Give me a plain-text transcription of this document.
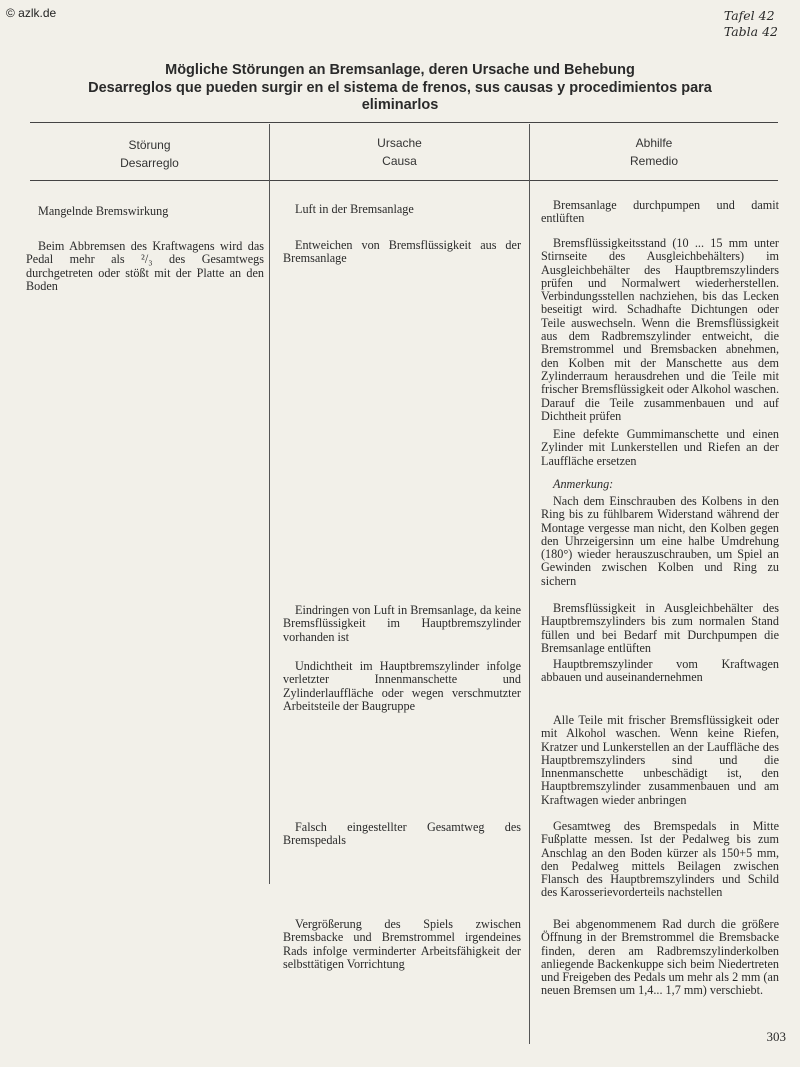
© azlk.de	Tafel 42
Tabla 42
Mögliche Störungen an Bremsanlage, deren Ursache und Behebung
Desarreglos que pueden surgir en el sistema de frenos, sus causas y procedimientos para eliminarlos
Störung
Desarreglo
Ursache
Causa
Abhilfe
Remedio
Mangelnde Bremswirkung
Beim Abbremsen des Kraftwagens wird das Pedal mehr als ²/₃ des Gesamtwegs durchgetreten oder stößt mit der Platte an den Boden
Luft in der Bremsanlage
Entweichen von Bremsflüssigkeit aus der Bremsanlage
Eindringen von Luft in Bremsanlage, da keine Bremsflüssigkeit im Hauptbremszylinder vorhanden ist
Undichtheit im Hauptbremszylinder infolge verletzter Innenmanschette und Zylinderlauffläche oder wegen verschmutzter Arbeitsteile der Baugruppe
Falsch eingestellter Gesamtweg des Bremspedals
Vergrößerung des Spiels zwischen Bremsbacke und Bremstrommel irgendeines Rads infolge verminderter Arbeitsfähigkeit der selbsttätigen Vorrichtung
Bremsanlage durchpumpen und damit entlüften
Bremsflüssigkeitsstand (10 ... 15 mm unter Stirnseite des Ausgleichbehälters) im Ausgleichbehälter des Hauptbremszylinders prüfen und Normalwert wiederherstellen. Verbindungsstellen nachziehen, bis das Lecken beseitigt wird. Schadhafte Dichtungen oder Teile auswechseln. Wenn die Bremsflüssigkeit aus dem Radbremszylinder entweicht, die Bremstrommel und Bremsbacken abnehmen, den Kolben mit der Manschette aus dem Zylinderraum herausdrehen und die Teile mit frischer Bremsflüssigkeit oder Alkohol waschen. Darauf die Teile zusammenbauen und auf Dichtheit prüfen
Eine defekte Gummimanschette und einen Zylinder mit Lunkerstellen und Riefen an der Lauffläche ersetzen
Anmerkung:
Nach dem Einschrauben des Kolbens in den Ring bis zu fühlbarem Widerstand während der Montage vergesse man nicht, den Kolben gegen den Uhrzeigersinn um eine halbe Umdrehung (180°) wieder herauszuschrauben, um Spiel an Gewinden zwischen Kolben und Ring zu sichern
Bremsflüssigkeit in Ausgleichbehälter des Hauptbremszylinders bis zum normalen Stand füllen und bei Bedarf mit Durchpumpen die Bremsanlage entlüften
Hauptbremszylinder vom Kraftwagen abbauen und auseinandernehmen
Alle Teile mit frischer Bremsflüssigkeit oder mit Alkohol waschen. Wenn keine Riefen, Kratzer und Lunkerstellen an der Lauffläche des Hauptbremszylinders sind und die Innenmanschette unbeschädigt ist, den Hauptbremszylinder zusammenbauen und am Kraftwagen wieder anbringen
Gesamtweg des Bremspedals in Mitte Fußplatte messen. Ist der Pedalweg bis zum Anschlag an den Boden kürzer als 150+5 mm, den Pedalweg mittels Beilagen zwischen Flansch des Hauptbremszylinders und Schild des Karosserievorderteils nachstellen
Bei abgenommenem Rad durch die größere Öffnung in der Bremstrommel die Bremsbacke finden, deren am Radbremszylinderkolben anliegende Backenkuppe sich beim Niedertreten und Freigeben des Pedals um mehr als 2 mm (an neuen Bremsen um 1,4... 1,7 mm) verschiebt.
303
